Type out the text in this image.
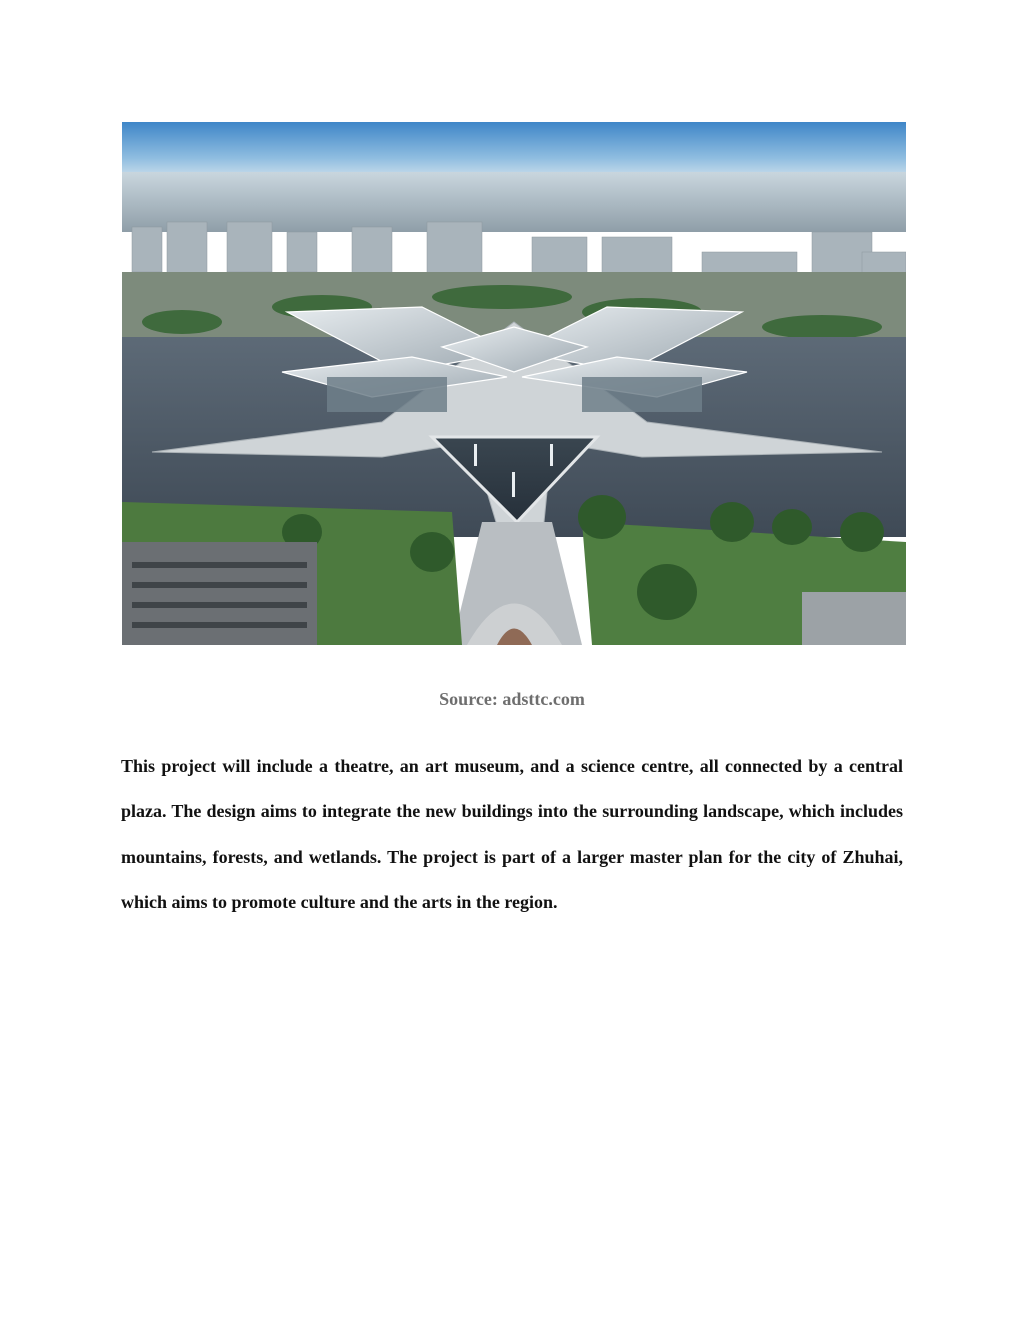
Source: adsttc.com

This project will include a theatre, an art museum, and a science centre, all connected by a central plaza. The design aims to integrate the new buildings into the surrounding landscape, which includes mountains, forests, and wetlands. The project is part of a larger master plan for the city of Zhuhai, which aims to promote culture and the arts in the region.
